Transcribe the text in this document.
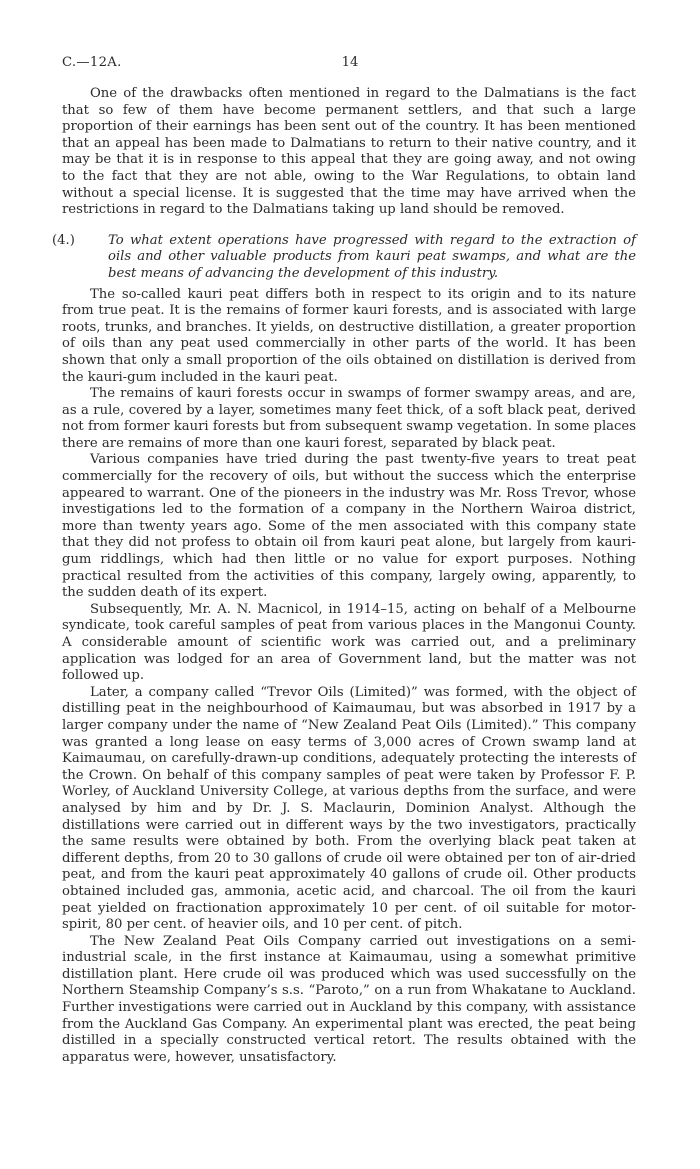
C.—12A.	14

One of the drawbacks often mentioned in regard to the Dalmatians is the fact that so few of them have become permanent settlers, and that such a large proportion of their earnings has been sent out of the country. It has been mentioned that an appeal has been made to Dalmatians to return to their native country, and it may be that it is in response to this appeal that they are going away, and not owing to the fact that they are not able, owing to the War Regulations, to obtain land without a special license. It is suggested that the time may have arrived when the restrictions in regard to the Dalmatians taking up land should be removed.

(4.)	To what extent operations have progressed with regard to the extraction of oils and other valuable products from kauri peat swamps, and what are the best means of advancing the development of this industry.

The so-called kauri peat differs both in respect to its origin and to its nature from true peat. It is the remains of former kauri forests, and is associated with large roots, trunks, and branches. It yields, on destructive distillation, a greater proportion of oils than any peat used commercially in other parts of the world. It has been shown that only a small proportion of the oils obtained on distillation is derived from the kauri-gum included in the kauri peat.

The remains of kauri forests occur in swamps of former swampy areas, and are, as a rule, covered by a layer, sometimes many feet thick, of a soft black peat, derived not from former kauri forests but from subsequent swamp vegetation. In some places there are remains of more than one kauri forest, separated by black peat.

Various companies have tried during the past twenty-five years to treat peat commercially for the recovery of oils, but without the success which the enterprise appeared to warrant. One of the pioneers in the industry was Mr. Ross Trevor, whose investigations led to the formation of a company in the Northern Wairoa district, more than twenty years ago. Some of the men associated with this company state that they did not profess to obtain oil from kauri peat alone, but largely from kauri-gum riddlings, which had then little or no value for export purposes. Nothing practical resulted from the activities of this company, largely owing, apparently, to the sudden death of its expert.

Subsequently, Mr. A. N. Macnicol, in 1914–15, acting on behalf of a Melbourne syndicate, took careful samples of peat from various places in the Mangonui County. A considerable amount of scientific work was carried out, and a preliminary application was lodged for an area of Government land, but the matter was not followed up.

Later, a company called “Trevor Oils (Limited)” was formed, with the object of distilling peat in the neighbourhood of Kaimaumau, but was absorbed in 1917 by a larger company under the name of “New Zealand Peat Oils (Limited).” This company was granted a long lease on easy terms of 3,000 acres of Crown swamp land at Kaimaumau, on carefully-drawn-up conditions, adequately protecting the interests of the Crown. On behalf of this company samples of peat were taken by Professor F. P. Worley, of Auckland University College, at various depths from the surface, and were analysed by him and by Dr. J. S. Maclaurin, Dominion Analyst. Although the distillations were carried out in different ways by the two investigators, practically the same results were obtained by both. From the overlying black peat taken at different depths, from 20 to 30 gallons of crude oil were obtained per ton of air-dried peat, and from the kauri peat approximately 40 gallons of crude oil. Other products obtained included gas, ammonia, acetic acid, and charcoal. The oil from the kauri peat yielded on fractionation approximately 10 per cent. of oil suitable for motor-spirit, 80 per cent. of heavier oils, and 10 per cent. of pitch.

The New Zealand Peat Oils Company carried out investigations on a semi-industrial scale, in the first instance at Kaimaumau, using a somewhat primitive distillation plant. Here crude oil was produced which was used successfully on the Northern Steamship Company’s s.s. “Paroto,” on a run from Whakatane to Auckland. Further investigations were carried out in Auckland by this company, with assistance from the Auckland Gas Company. An experimental plant was erected, the peat being distilled in a specially constructed vertical retort. The results obtained with the apparatus were, however, unsatisfactory.
